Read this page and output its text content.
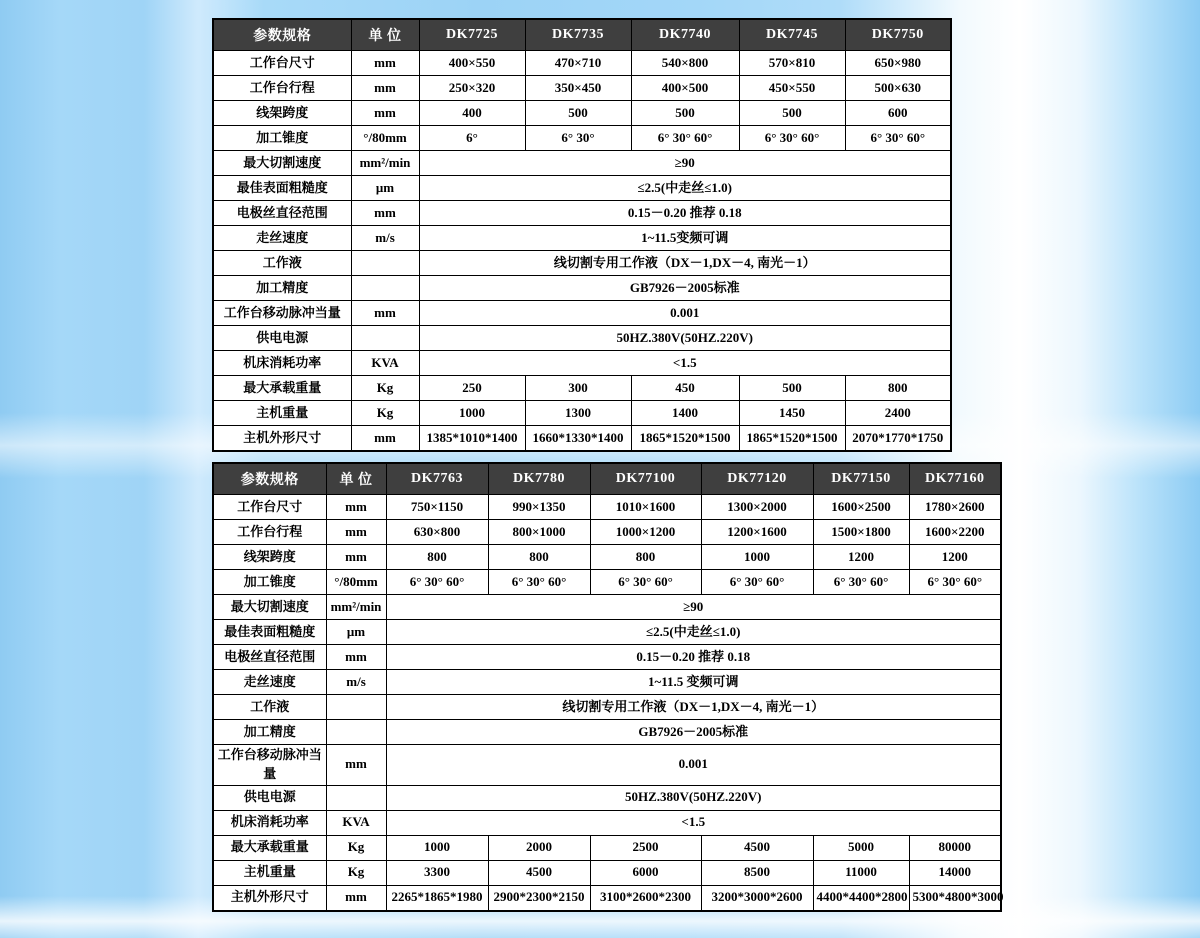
参数规格	单 位	DK7725	DK7735	DK7740	DK7745	DK7750
工作台尺寸	mm	400×550	470×710	540×800	570×810	650×980
工作台行程	mm	250×320	350×450	400×500	450×550	500×630
线架跨度	mm	400	500	500	500	600
加工锥度	°/80mm	6°	6° 30°	6° 30° 60°	6° 30° 60°	6° 30° 60°
最大切割速度	mm²/min	≥90				
最佳表面粗糙度	μm	≤2.5(中走丝≤1.0)				
电极丝直径范围	mm	0.15－0.20 推荐 0.18				
走丝速度	m/s	1~11.5变频可调				
工作液		线切割专用工作液（DX－1,DX－4, 南光－1）				
加工精度		GB7926－2005标准				
工作台移动脉冲当量	mm	0.001				
供电电源		50HZ.380V(50HZ.220V)				
机床消耗功率	KVA	<1.5				
最大承载重量	Kg	250	300	450	500	800
主机重量	Kg	1000	1300	1400	1450	2400
主机外形尺寸	mm	1385*1010*1400	1660*1330*1400	1865*1520*1500	1865*1520*1500	2070*1770*1750
参数规格	单 位	DK7763	DK7780	DK77100	DK77120	DK77150	DK77160
工作台尺寸	mm	750×1150	990×1350	1010×1600	1300×2000	1600×2500	1780×2600
工作台行程	mm	630×800	800×1000	1000×1200	1200×1600	1500×1800	1600×2200
线架跨度	mm	800	800	800	1000	1200	1200
加工锥度	°/80mm	6° 30° 60°	6° 30° 60°	6° 30° 60°	6° 30° 60°	6° 30° 60°	6° 30° 60°
最大切割速度	mm²/min	≥90					
最佳表面粗糙度	μm	≤2.5(中走丝≤1.0)					
电极丝直径范围	mm	0.15－0.20 推荐 0.18					
走丝速度	m/s	1~11.5 变频可调					
工作液		线切割专用工作液（DX－1,DX－4, 南光－1）					
加工精度		GB7926－2005标准					
工作台移动脉冲当量	mm	0.001					
供电电源		50HZ.380V(50HZ.220V)					
机床消耗功率	KVA	<1.5					
最大承载重量	Kg	1000	2000	2500	4500	5000	80000
主机重量	Kg	3300	4500	6000	8500	11000	14000
主机外形尺寸	mm	2265*1865*1980	2900*2300*2150	3100*2600*2300	3200*3000*2600	4400*4400*2800	5300*4800*3000
